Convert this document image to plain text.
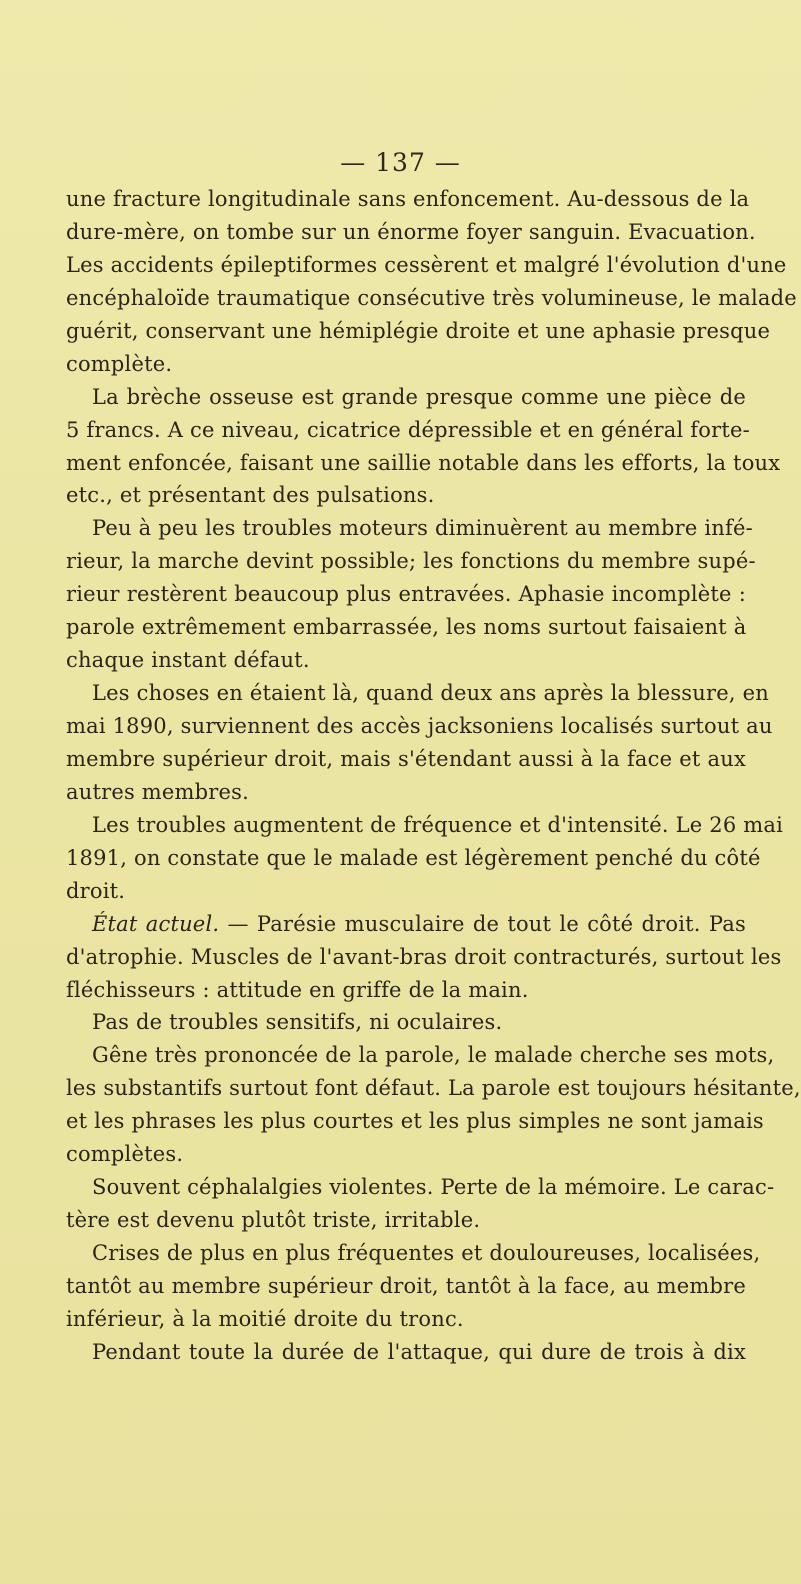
— 137 —
une fracture longitudinale sans enfoncement. Au-dessous de la
dure-mère, on tombe sur un énorme foyer sanguin. Evacuation.
Les accidents épileptiformes cessèrent et malgré l'évolution d'une
encéphaloïde traumatique consécutive très volumineuse, le malade
guérit, conservant une hémiplégie droite et une aphasie presque
complète.
La brèche osseuse est grande presque comme une pièce de
5 francs. A ce niveau, cicatrice dépressible et en général forte-
ment enfoncée, faisant une saillie notable dans les efforts, la toux
etc., et présentant des pulsations.
Peu à peu les troubles moteurs diminuèrent au membre infé-
rieur, la marche devint possible; les fonctions du membre supé-
rieur restèrent beaucoup plus entravées. Aphasie incomplète :
parole extrêmement embarrassée, les noms surtout faisaient à
chaque instant défaut.
Les choses en étaient là, quand deux ans après la blessure, en
mai 1890, surviennent des accès jacksoniens localisés surtout au
membre supérieur droit, mais s'étendant aussi à la face et aux
autres membres.
Les troubles augmentent de fréquence et d'intensité. Le 26 mai
1891, on constate que le malade est légèrement penché du côté
droit.
État actuel. — Parésie musculaire de tout le côté droit. Pas
d'atrophie. Muscles de l'avant-bras droit contracturés, surtout les
fléchisseurs : attitude en griffe de la main.
Pas de troubles sensitifs, ni oculaires.
Gêne très prononcée de la parole, le malade cherche ses mots,
les substantifs surtout font défaut. La parole est toujours hésitante,
et les phrases les plus courtes et les plus simples ne sont jamais
complètes.
Souvent céphalalgies violentes. Perte de la mémoire. Le carac-
tère est devenu plutôt triste, irritable.
Crises de plus en plus fréquentes et douloureuses, localisées,
tantôt au membre supérieur droit, tantôt à la face, au membre
inférieur, à la moitié droite du tronc.
Pendant toute la durée de l'attaque, qui dure de trois à dix
